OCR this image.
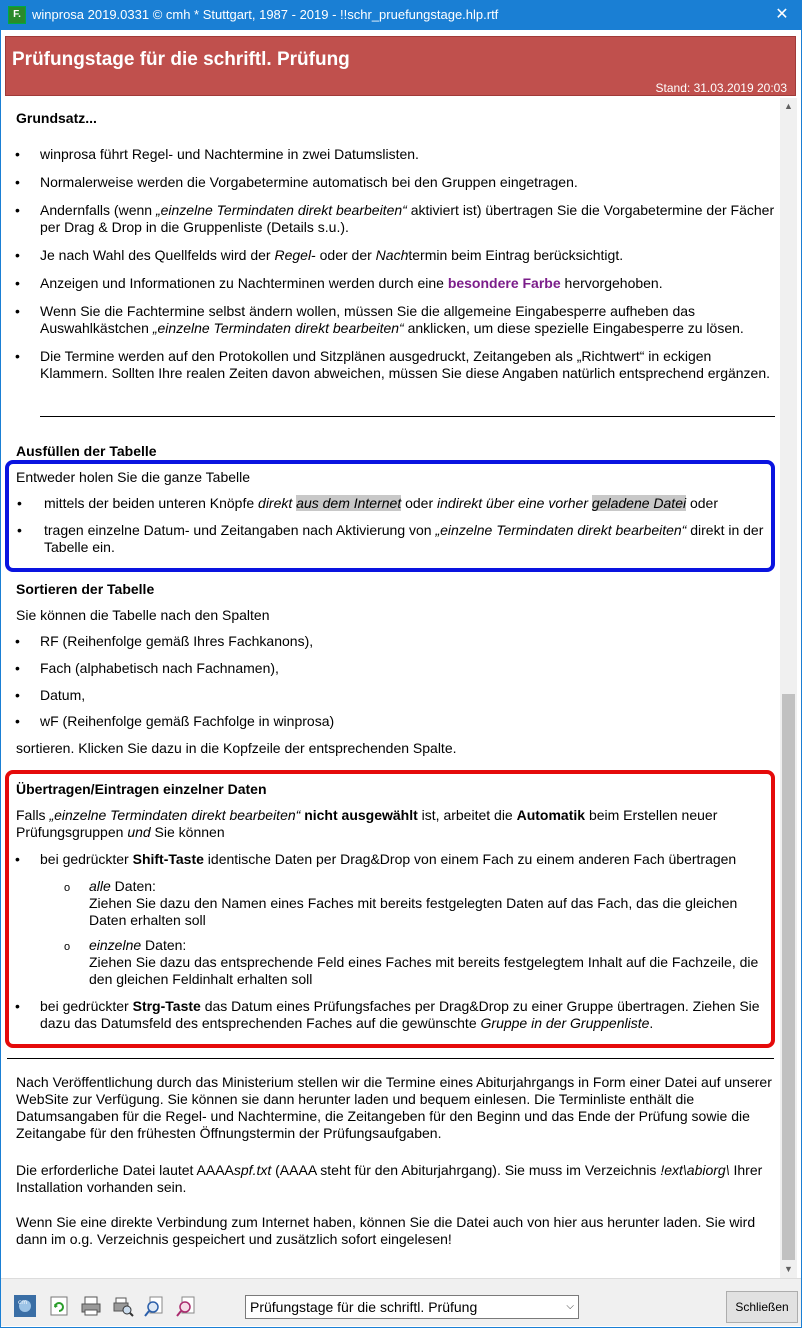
F. winprosa 2019.0331 © cmh * Stuttgart, 1987 - 2019 - !!schr_pruefungstage.hlp.rtf	✕
Prüfungstage für die schriftl. Prüfung
Stand: 31.03.2019 20:03
Grundsatz...
• winprosa führt Regel- und Nachtermine in zwei Datumslisten.
• Normalerweise werden die Vorgabetermine automatisch bei den Gruppen eingetragen.
• Andernfalls (wenn „einzelne Termindaten direkt bearbeiten“ aktiviert ist) übertragen Sie die Vorgabetermine der Fächer per Drag & Drop in die Gruppenliste (Details s.u.).
• Je nach Wahl des Quellfelds wird der Regel- oder der Nachtermin beim Eintrag berücksichtigt.
• Anzeigen und Informationen zu Nachterminen werden durch eine besondere Farbe hervorgehoben.
• Wenn Sie die Fachtermine selbst ändern wollen, müssen Sie die allgemeine Eingabesperre aufheben das Auswahlkästchen „einzelne Termindaten direkt bearbeiten“ anklicken, um diese spezielle Eingabesperre zu lösen.
• Die Termine werden auf den Protokollen und Sitzplänen ausgedruckt, Zeitangeben als „Richtwert“ in eckigen Klammern. Sollten Ihre realen Zeiten davon abweichen, müssen Sie diese Angaben natürlich entsprechend ergänzen.
Ausfüllen der Tabelle
Entweder holen Sie die ganze Tabelle
• mittels der beiden unteren Knöpfe direkt aus dem Internet oder indirekt über eine vorher geladene Datei oder
• tragen einzelne Datum- und Zeitangaben nach Aktivierung von „einzelne Termindaten direkt bearbeiten“ direkt in der Tabelle ein.
Sortieren der Tabelle
Sie können die Tabelle nach den Spalten
• RF (Reihenfolge gemäß Ihres Fachkanons),
• Fach (alphabetisch nach Fachnamen),
• Datum,
• wF (Reihenfolge gemäß Fachfolge in winprosa)
sortieren. Klicken Sie dazu in die Kopfzeile der entsprechenden Spalte.
Übertragen/Eintragen einzelner Daten
Falls „einzelne Termindaten direkt bearbeiten“ nicht ausgewählt ist, arbeitet die Automatik beim Erstellen neuer Prüfungsgruppen und Sie können
• bei gedrückter Shift-Taste identische Daten per Drag&Drop von einem Fach zu einem anderen Fach übertragen
o alle Daten:
Ziehen Sie dazu den Namen eines Faches mit bereits festgelegten Daten auf das Fach, das die gleichen Daten erhalten soll
o einzelne Daten:
Ziehen Sie dazu das entsprechende Feld eines Faches mit bereits festgelegtem Inhalt auf die Fachzeile, die den gleichen Feldinhalt erhalten soll
• bei gedrückter Strg-Taste das Datum eines Prüfungsfaches per Drag&Drop zu einer Gruppe übertragen. Ziehen Sie dazu das Datumsfeld des entsprechenden Faches auf die gewünschte Gruppe in der Gruppenliste.
Nach Veröffentlichung durch das Ministerium stellen wir die Termine eines Abiturjahrgangs in Form einer Datei auf unserer WebSite zur Verfügung. Sie können sie dann herunter laden und bequem einlesen. Die Terminliste enthält die Datumsangaben für die Regel- und Nachtermine, die Zeitangeben für den Beginn und das Ende der Prüfung sowie die Zeitangabe für den frühesten Öffnungstermin der Prüfungsaufgaben.
Die erforderliche Datei lautet AAAAspf.txt (AAAA steht für den Abiturjahrgang). Sie muss im Verzeichnis !ext\abiorg\ Ihrer Installation vorhanden sein.
Wenn Sie eine direkte Verbindung zum Internet haben, können Sie die Datei auch von hier aus herunter laden. Sie wird dann im o.g. Verzeichnis gespeichert und zusätzlich sofort eingelesen!
▲
▼
cm	Prüfungstage für die schriftl. Prüfung	⌵	Schließen
